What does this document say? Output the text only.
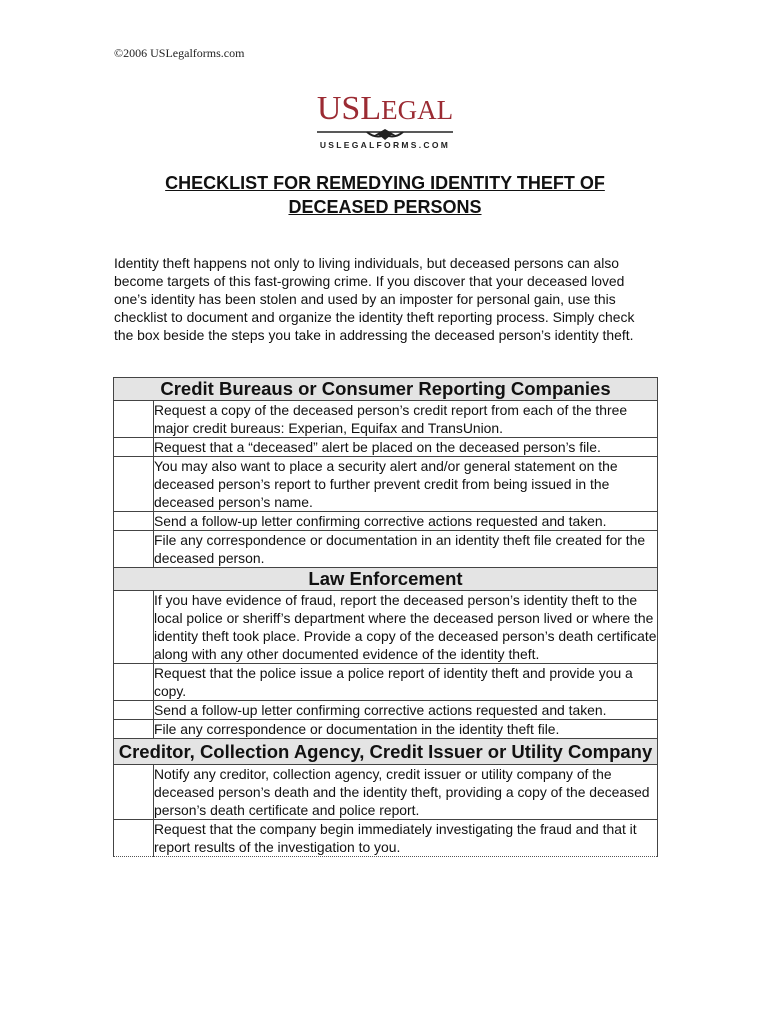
©2006 USLegalforms.com
USLEGAL
USLEGALFORMS.COM
CHECKLIST FOR REMEDYING IDENTITY THEFT OF DECEASED PERSONS
Identity theft happens not only to living individuals, but deceased persons can also become targets of this fast-growing crime. If you discover that your deceased loved one’s identity has been stolen and used by an imposter for personal gain, use this checklist to document and organize the identity theft reporting process. Simply check the box beside the steps you take in addressing the deceased person’s identity theft.
Credit Bureaus or Consumer Reporting Companies	
	Request a copy of the deceased person’s credit report from each of the three major credit bureaus: Experian, Equifax and TransUnion.
	Request that a “deceased” alert be placed on the deceased person’s file.
	You may also want to place a security alert and/or general statement on the deceased person’s report to further prevent credit from being issued in the deceased person’s name.
	Send a follow-up letter confirming corrective actions requested and taken.
	File any correspondence or documentation in an identity theft file created for the deceased person.
Law Enforcement	
	If you have evidence of fraud, report the deceased person’s identity theft to the local police or sheriff’s department where the deceased person lived or where the identity theft took place. Provide a copy of the deceased person’s death certificate along with any other documented evidence of the identity theft.
	Request that the police issue a police report of identity theft and provide you a copy.
	Send a follow-up letter confirming corrective actions requested and taken.
	File any correspondence or documentation in the identity theft file.
Creditor, Collection Agency, Credit Issuer or Utility Company	
	Notify any creditor, collection agency, credit issuer or utility company of the deceased person’s death and the identity theft, providing a copy of the deceased person’s death certificate and police report.
	Request that the company begin immediately investigating the fraud and that it report results of the investigation to you.
